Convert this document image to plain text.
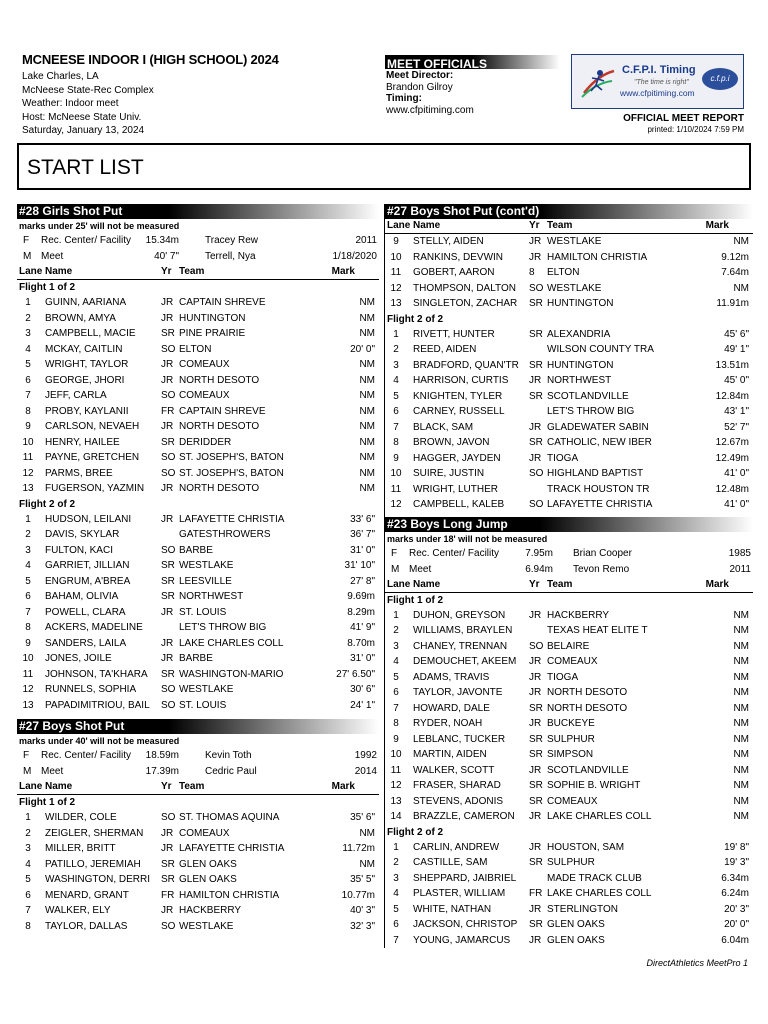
MCNEESE INDOOR I (HIGH SCHOOL) 2024
Lake Charles, LA
McNeese State-Rec Complex
Weather: Indoor meet
Host: McNeese State Univ.
Saturday, January 13, 2024
MEET OFFICIALS
Meet Director:
Brandon Gilroy
Timing:
www.cfpitiming.com
C.F.P.I. Timing
"The time is right"
www.cfpitiming.com
c.f.p.i
OFFICIAL MEET REPORT
printed: 1/10/2024 7:59 PM
START LIST
#28 Girls Shot Put
marks under 25' will not be measured
F Rec. Center/ Facility 15.34m	Tracey Rew	2011
M Meet	40' 7"	Terrell, Nya	1/18/2020
Lane Name	Yr Team	Mark
Flight 1 of 2
1	GUINN, AARIANA	JR CAPTAIN SHREVE	NM
2	BROWN, AMYA	JR HUNTINGTON	NM
3	CAMPBELL, MACIE	SR PINE PRAIRIE	NM
4	MCKAY, CAITLIN	SO ELTON	20' 0"
5	WRIGHT, TAYLOR	JR COMEAUX	NM
6	GEORGE, JHORI	JR NORTH DESOTO	NM
7	JEFF, CARLA	SO COMEAUX	NM
8	PROBY, KAYLANII	FR CAPTAIN SHREVE	NM
9	CARLSON, NEVAEH JR NORTH DESOTO	NM
10	HENRY, HAILEE	SR DERIDDER	NM
11	PAYNE, GRETCHEN SO ST. JOSEPH'S, BATON	NM
12	PARMS, BREE	SO ST. JOSEPH'S, BATON	NM
13	FUGERSON, YAZMIN JR NORTH DESOTO	NM
Flight 2 of 2
1	HUDSON, LEILANI	JR LAFAYETTE CHRISTIA	33' 6"
2	DAVIS, SKYLAR	GATESTHROWERS	36' 7"
3	FULTON, KACI	SO BARBE	31' 0"
4	GARRIET, JILLIAN	SR WESTLAKE	31' 10"
5	ENGRUM, A'BREA	SR LEESVILLE	27' 8"
6	BAHAM, OLIVIA	SR NORTHWEST	9.69m
7	POWELL, CLARA	JR ST. LOUIS	8.29m
8	ACKERS, MADELINE	LET'S THROW BIG	41' 9"
9	SANDERS, LAILA	JR LAKE CHARLES COLL	8.70m
10	JONES, JOILE	JR BARBE	31' 0"
11	JOHNSON, TA'KHARA SR WASHINGTON-MARIO	27' 6.50"
12	RUNNELS, SOPHIA SO WESTLAKE	30' 6"
13	PAPADIMITRIOU, BAIL SO ST. LOUIS	24' 1"
#27 Boys Shot Put
marks under 40' will not be measured
F Rec. Center/ Facility 18.59m	Kevin Toth	1992
M Meet	17.39m	Cedric Paul	2014
Lane Name	Yr Team	Mark
Flight 1 of 2
1	WILDER, COLE	SO ST. THOMAS AQUINA	35' 6"
2	ZEIGLER, SHERMAN JR COMEAUX	NM
3	MILLER, BRITT	JR LAFAYETTE CHRISTIA	11.72m
4	PATILLO, JEREMIAH SR GLEN OAKS	NM
5	WASHINGTON, DERRI SR GLEN OAKS	35' 5"
6	MENARD, GRANT	FR HAMILTON CHRISTIA	10.77m
7	WALKER, ELY	JR HACKBERRY	40' 3"
8	TAYLOR, DALLAS	SO WESTLAKE	32' 3"
#27 Boys Shot Put (cont'd)
Lane Name	Yr Team	Mark
9	STELLY, AIDEN	JR WESTLAKE	NM
10	RANKINS, DEVWIN	JR HAMILTON CHRISTIA	9.12m
11	GOBERT, AARON	8 ELTON	7.64m
12	THOMPSON, DALTON SO WESTLAKE	NM
13	SINGLETON, ZACHAR SR HUNTINGTON	11.91m
Flight 2 of 2
1	RIVETT, HUNTER	SR ALEXANDRIA	45' 6"
2	REED, AIDEN	WILSON COUNTY TRA	49' 1"
3	BRADFORD, QUAN'TR SR HUNTINGTON	13.51m
4	HARRISON, CURTIS JR NORTHWEST	45' 0"
5	KNIGHTEN, TYLER	SR SCOTLANDVILLE	12.84m
6	CARNEY, RUSSELL	LET'S THROW BIG	43' 1"
7	BLACK, SAM	JR GLADEWATER SABIN	52' 7"
8	BROWN, JAVON	SR CATHOLIC, NEW IBER	12.67m
9	HAGGER, JAYDEN	JR TIOGA	12.49m
10	SUIRE, JUSTIN	SO HIGHLAND BAPTIST	41' 0"
11	WRIGHT, LUTHER	TRACK HOUSTON TR	12.48m
12	CAMPBELL, KALEB SO LAFAYETTE CHRISTIA	41' 0"
#23 Boys Long Jump
marks under 18' will not be measured
F Rec. Center/ Facility	7.95m Brian Cooper	1985
M Meet	6.94m Tevon Remo	2011
Lane Name	Yr Team	Mark
Flight 1 of 2
1	DUHON, GREYSON JR HACKBERRY	NM
2	WILLIAMS, BRAYLEN	TEXAS HEAT ELITE T	NM
3	CHANEY, TRENNAN SO BELAIRE	NM
4	DEMOUCHET, AKEEM JR COMEAUX	NM
5	ADAMS, TRAVIS	JR TIOGA	NM
6	TAYLOR, JAVONTE	JR NORTH DESOTO	NM
7	HOWARD, DALE	SR NORTH DESOTO	NM
8	RYDER, NOAH	JR BUCKEYE	NM
9	LEBLANC, TUCKER SR SULPHUR	NM
10	MARTIN, AIDEN	SR SIMPSON	NM
11	WALKER, SCOTT	JR SCOTLANDVILLE	NM
12	FRASER, SHARAD	SR SOPHIE B. WRIGHT	NM
13	STEVENS, ADONIS	SR COMEAUX	NM
14	BRAZZLE, CAMERON JR LAKE CHARLES COLL	NM
Flight 2 of 2
1	CARLIN, ANDREW	JR HOUSTON, SAM	19' 8"
2	CASTILLE, SAM	SR SULPHUR	19' 3"
3	SHEPPARD, JAIBRIEL	MADE TRACK CLUB	6.34m
4	PLASTER, WILLIAM FR LAKE CHARLES COLL	6.24m
5	WHITE, NATHAN	JR STERLINGTON	20' 3"
6	JACKSON, CHRISTOP SR GLEN OAKS	20' 0"
7	YOUNG, JAMARCUS JR GLEN OAKS	6.04m
DirectAthletics MeetPro 1
